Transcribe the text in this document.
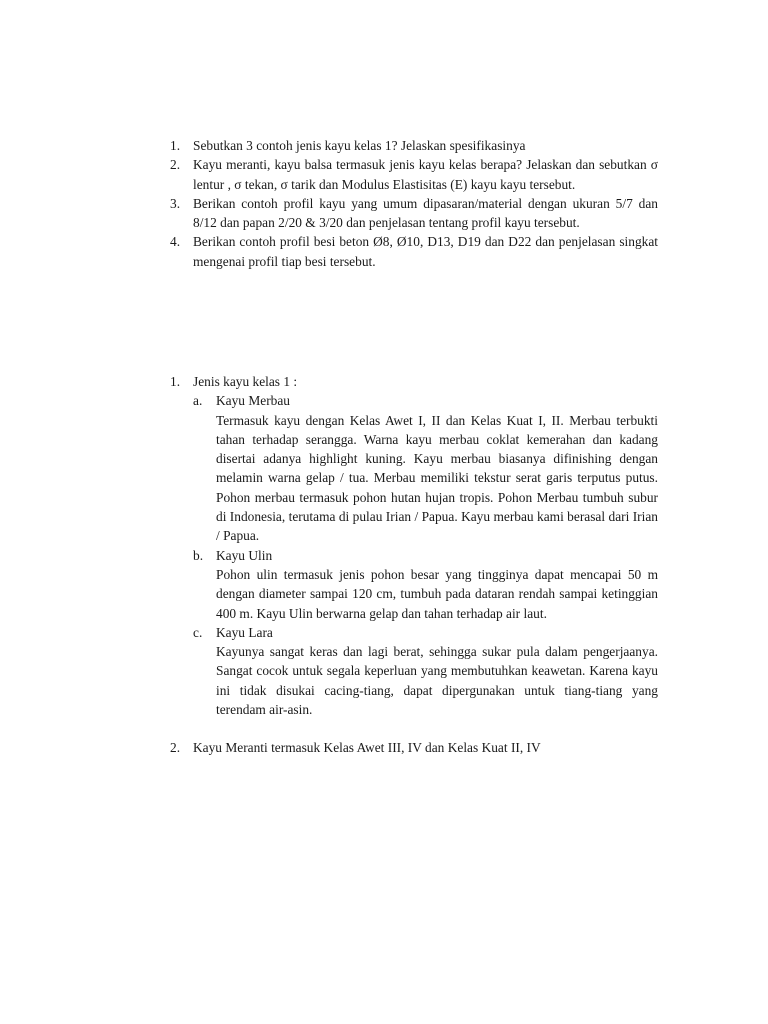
1. Sebutkan 3 contoh jenis kayu kelas 1? Jelaskan spesifikasinya
2. Kayu meranti, kayu balsa termasuk jenis kayu kelas berapa? Jelaskan dan sebutkan σ lentur , σ tekan, σ tarik dan Modulus Elastisitas (E) kayu kayu tersebut.
3. Berikan contoh profil kayu yang umum dipasaran/material dengan ukuran 5/7 dan 8/12 dan papan 2/20 & 3/20 dan penjelasan tentang profil kayu tersebut.
4. Berikan contoh profil besi beton Ø8, Ø10, D13, D19 dan D22 dan penjelasan singkat mengenai profil tiap besi tersebut.
1. Jenis kayu kelas 1 :
a. Kayu Merbau
Termasuk kayu dengan Kelas Awet I, II dan Kelas Kuat I, II. Merbau terbukti tahan terhadap serangga. Warna kayu merbau coklat kemerahan dan kadang disertai adanya highlight kuning. Kayu merbau biasanya difinishing dengan melamin warna gelap / tua. Merbau memiliki tekstur serat garis terputus putus. Pohon merbau termasuk pohon hutan hujan tropis. Pohon Merbau tumbuh subur di Indonesia, terutama di pulau Irian / Papua. Kayu merbau kami berasal dari Irian / Papua.
b. Kayu Ulin
Pohon ulin termasuk jenis pohon besar yang tingginya dapat mencapai 50 m dengan diameter sampai 120 cm, tumbuh pada dataran rendah sampai ketinggian 400 m. Kayu Ulin berwarna gelap dan tahan terhadap air laut.
c. Kayu Lara
Kayunya sangat keras dan lagi berat, sehingga sukar pula dalam pengerjaanya. Sangat cocok untuk segala keperluan yang membutuhkan keawetan. Karena kayu ini tidak disukai cacing-tiang, dapat dipergunakan untuk tiang-tiang yang terendam air-asin.
2. Kayu Meranti termasuk Kelas Awet III, IV dan Kelas Kuat II, IV
